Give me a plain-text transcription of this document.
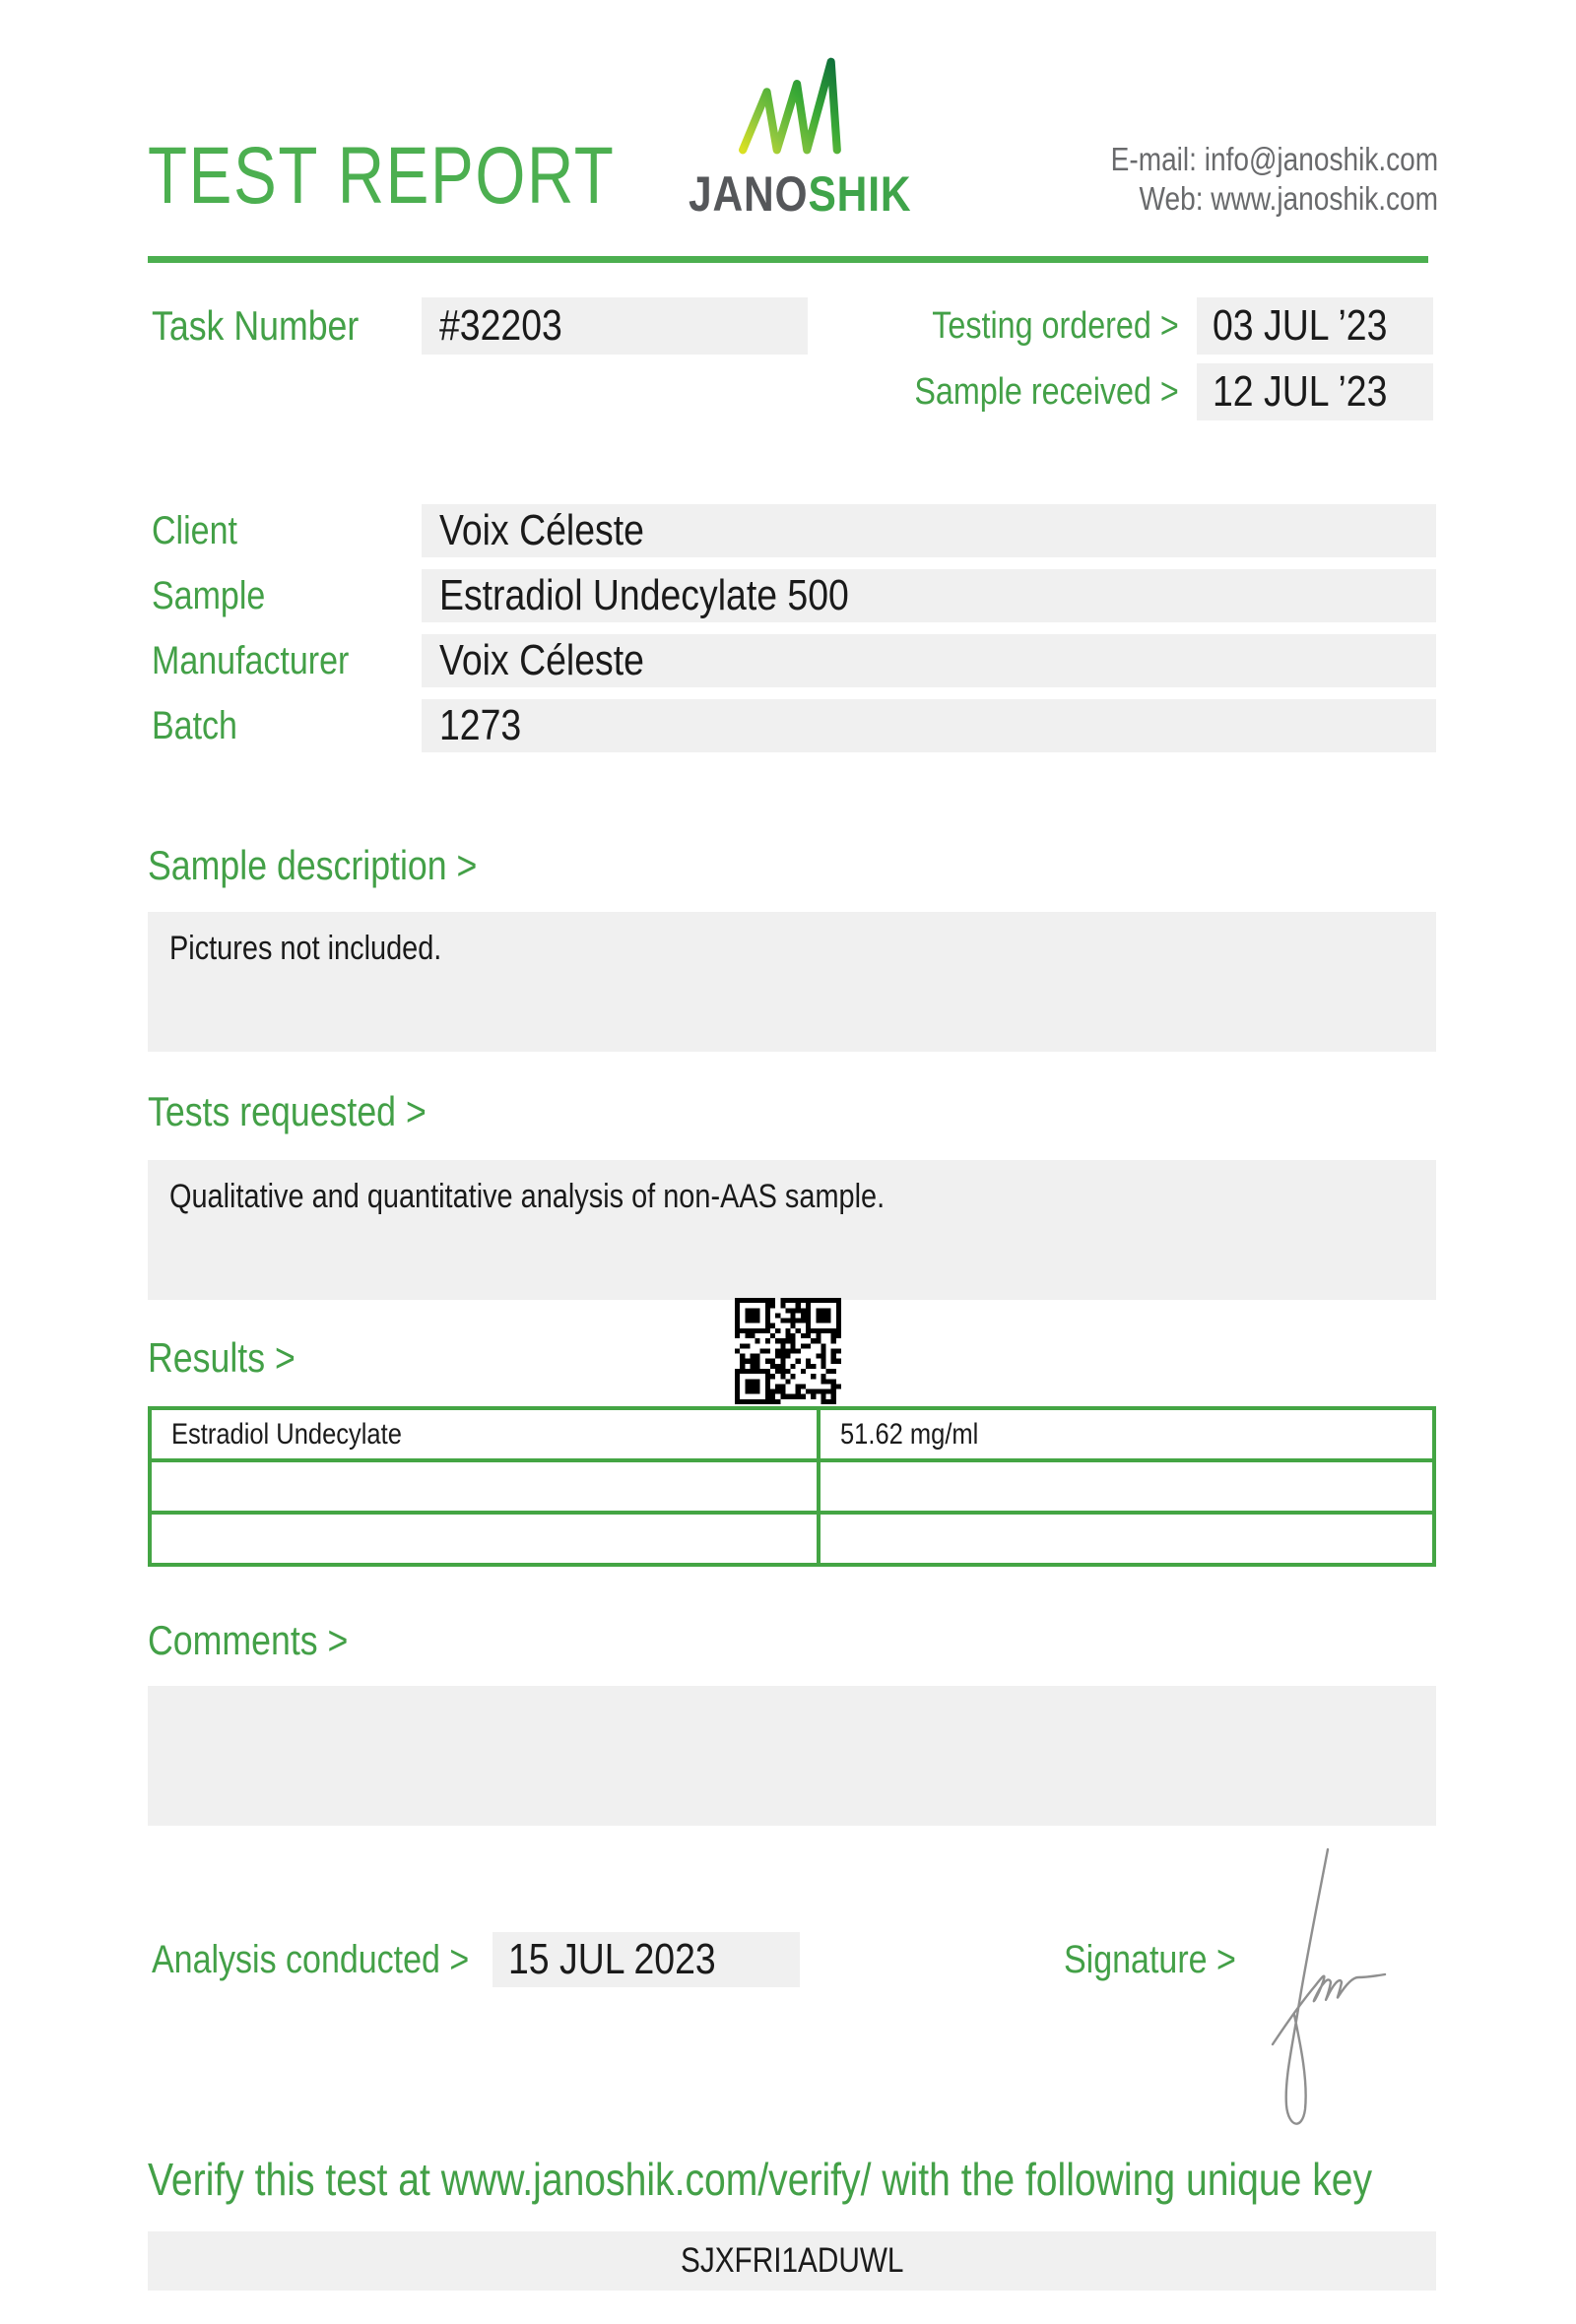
TEST REPORT	JANOSHIK
E-mail: info@janoshik.com
Web: www.janoshik.com
Task Number #32203	Testing ordered > 03 JUL ’23
Sample received > 12 JUL ’23
Client	Voix Céleste
Sample	Estradiol Undecylate 500
Manufacturer Voix Céleste
Batch	1273
Sample description >
Pictures not included.
Tests requested >
Qualitative and quantitative analysis of non-AAS sample.
Results >
Estradiol Undecylate	51.62 mg/ml

Comments >
Analysis conducted > 15 JUL 2023	Signature >
Verify this test at www.janoshik.com/verify/ with the following unique key
SJXFRI1ADUWL
